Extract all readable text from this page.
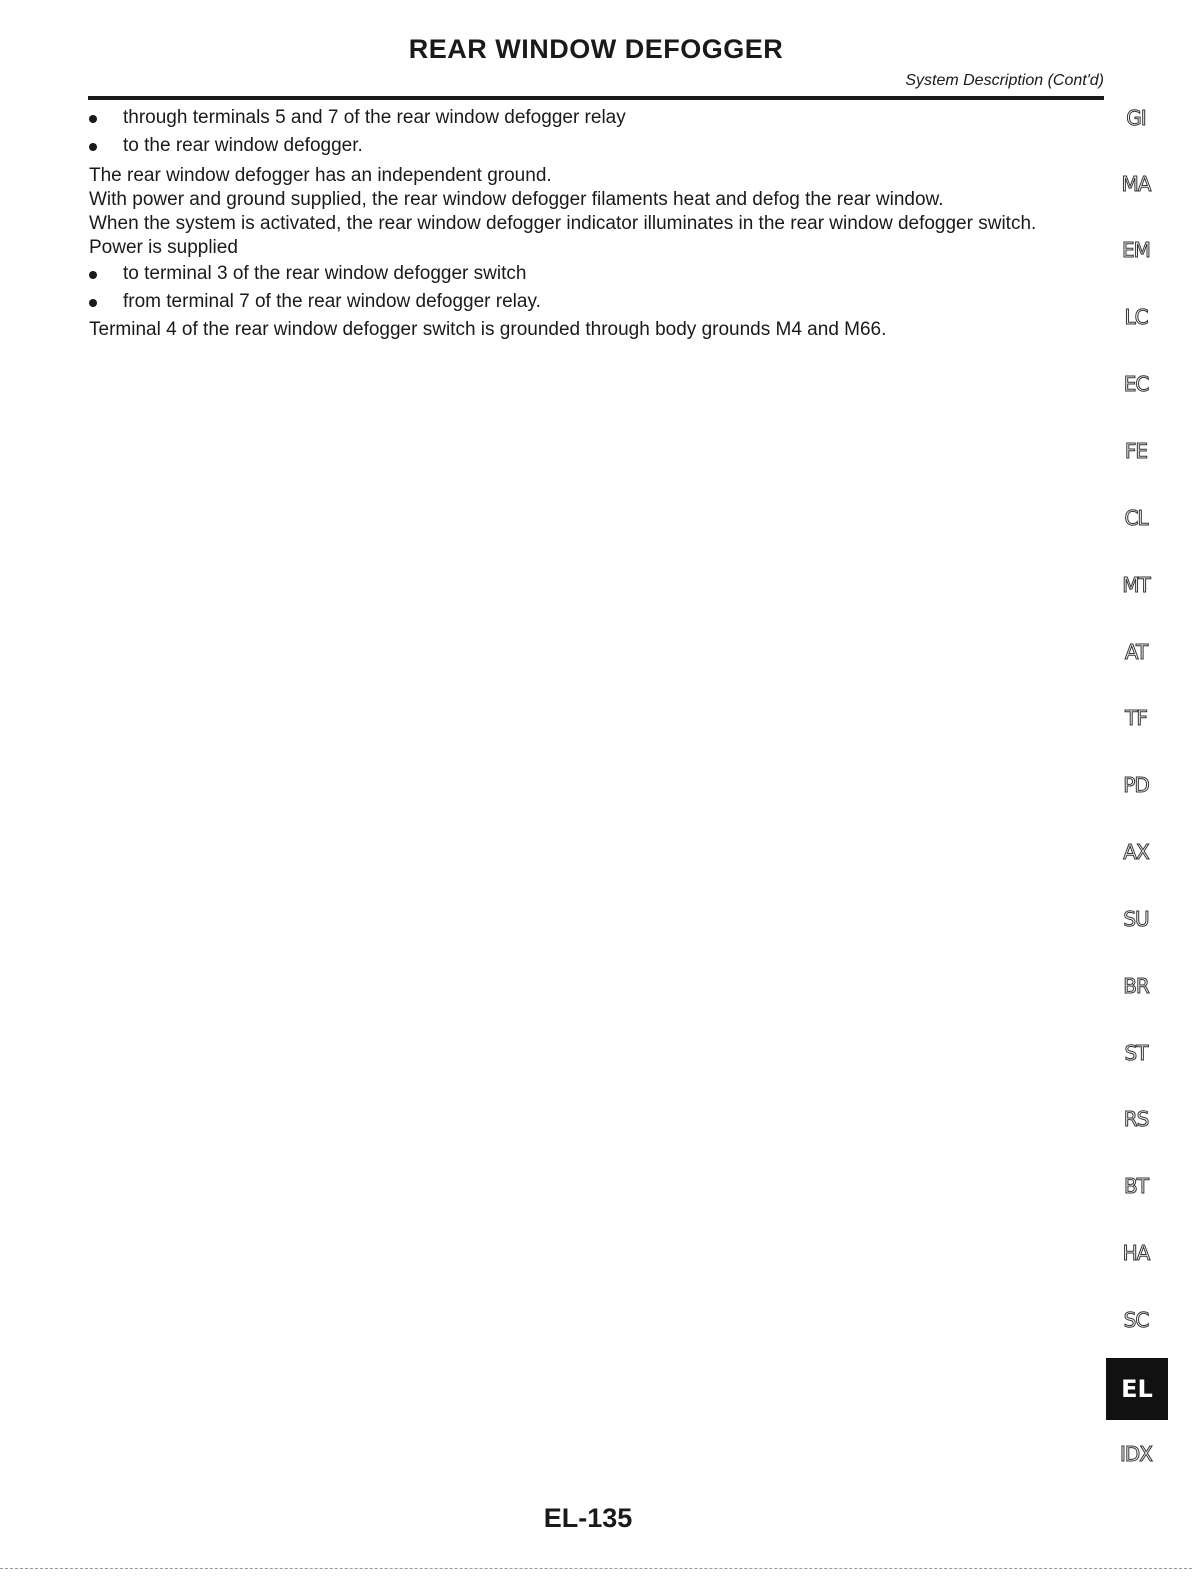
REAR WINDOW DEFOGGER
System Description (Cont'd)
through terminals 5 and 7 of the rear window defogger relay
to the rear window defogger.

The rear window defogger has an independent ground.

With power and ground supplied, the rear window defogger filaments heat and defog the rear window.

When the system is activated, the rear window defogger indicator illuminates in the rear window defogger switch.

Power is supplied

to terminal 3 of the rear window defogger switch
from terminal 7 of the rear window defogger relay.

Terminal 4 of the rear window defogger switch is grounded through body grounds M4 and M66.

GI
MA
EM
LC
EC
FE
CL
MT
AT
TF
PD
AX
SU
BR
ST
RS
BT
HA
SC
EL
IDX
EL-135
